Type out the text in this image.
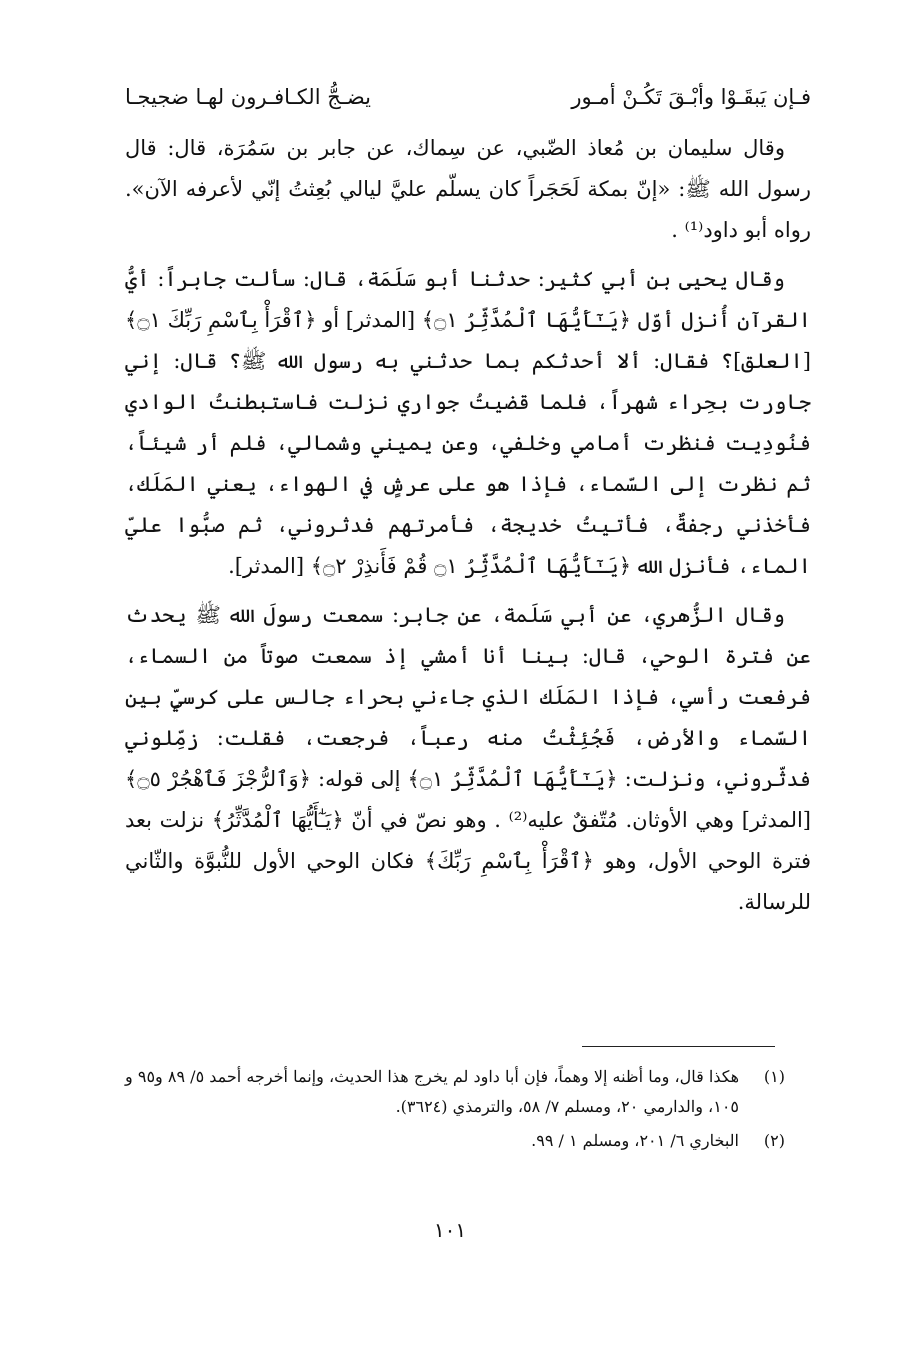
فـإن يَبقَـوْا وأبْـقَ تَكُـنْ أمـور
يضـجُّ الكـافـرون لهـا ضجيجـا

وقال سليمان بن مُعاذ الضّبي، عن سِماك، عن جابر بن سَمُرَة، قال: قال رسول الله ﷺ: «إنّ بمكة لَحَجَراً كان يسلّم عليَّ ليالي بُعِثتُ إنّي لأعرفه الآن». رواه أبو داود⁽¹⁾ .

وقال يحيى بن أبي كثير: حدثنا أبو سَلَمَة، قال: سألت جابراً: أيُّ القرآن أُنزل أوّل ﴿يَـٰٓأَيُّهَا ٱلْمُدَّثِّرُ ۝١﴾ [المدثر] أو ﴿ٱقْرَأْ بِٱسْمِ رَبِّكَ ۝١﴾ [العلق]؟ فقال: ألا أحدثكم بما حدثني به رسول الله ﷺ؟ قال: إني جاورت بحِراء شهراً، فلما قضيتُ جواري نزلت فاستبطنتُ الوادي فنُودِيت فنظرت أمامي وخلفي، وعن يميني وشمالي، فلم أر شيئاً، ثم نظرت إلى السّماء، فإذا هو على عرشٍ في الهواء، يعني المَلَك، فأخذني رجفةٌ، فأتيتُ خديجة، فأمرتهم فدثروني، ثم صبُّوا عليّ الماء، فأنزل الله ﴿يَـٰٓأَيُّهَا ٱلْمُدَّثِّرُ ۝١ قُمْ فَأَنذِرْ ۝٢﴾ [المدثر].

وقال الزُّهري، عن أبي سَلَمة، عن جابر: سمعت رسولَ الله ﷺ يحدث عن فترة الوحي، قال: بينا أنا أمشي إذ سمعت صوتاً من السماء، فرفعت رأسي، فإذا المَلَك الذي جاءني بحراء جالس على كرسيٍّ بين السّماء والأرض، فَجُئِثْتُ منه رعباً، فرجعت، فقلت: زمِّلوني فدثّروني، ونزلت: ﴿يَـٰٓأَيُّهَا ٱلْمُدَّثِّرُ ۝١﴾ إلى قوله: ﴿وَٱلرُّجْزَ فَٱهْجُرْ ۝٥﴾ [المدثر] وهي الأوثان. مُتّفقٌ عليه⁽²⁾ . وهو نصّ في أنّ ﴿يَـٰٓأَيُّهَا ٱلْمُدَّثِّرُ﴾ نزلت بعد فترة الوحي الأول، وهو ﴿ٱقْرَأْ بِٱسْمِ رَبِّكَ﴾ فكان الوحي الأول للنُّبوَّة والثّاني للرسالة.

(١)
هكذا قال، وما أظنه إلا وهماً، فإن أبا داود لم يخرج هذا الحديث، وإنما أخرجه أحمد ٥/ ٨٩ و٩٥ و ١٠٥، والدارمي ٢٠، ومسلم ٧/ ٥٨، والترمذي (٣٦٢٤).
(٢)
البخاري ٦/ ٢٠١، ومسلم ١ / ٩٩.
١٠١
